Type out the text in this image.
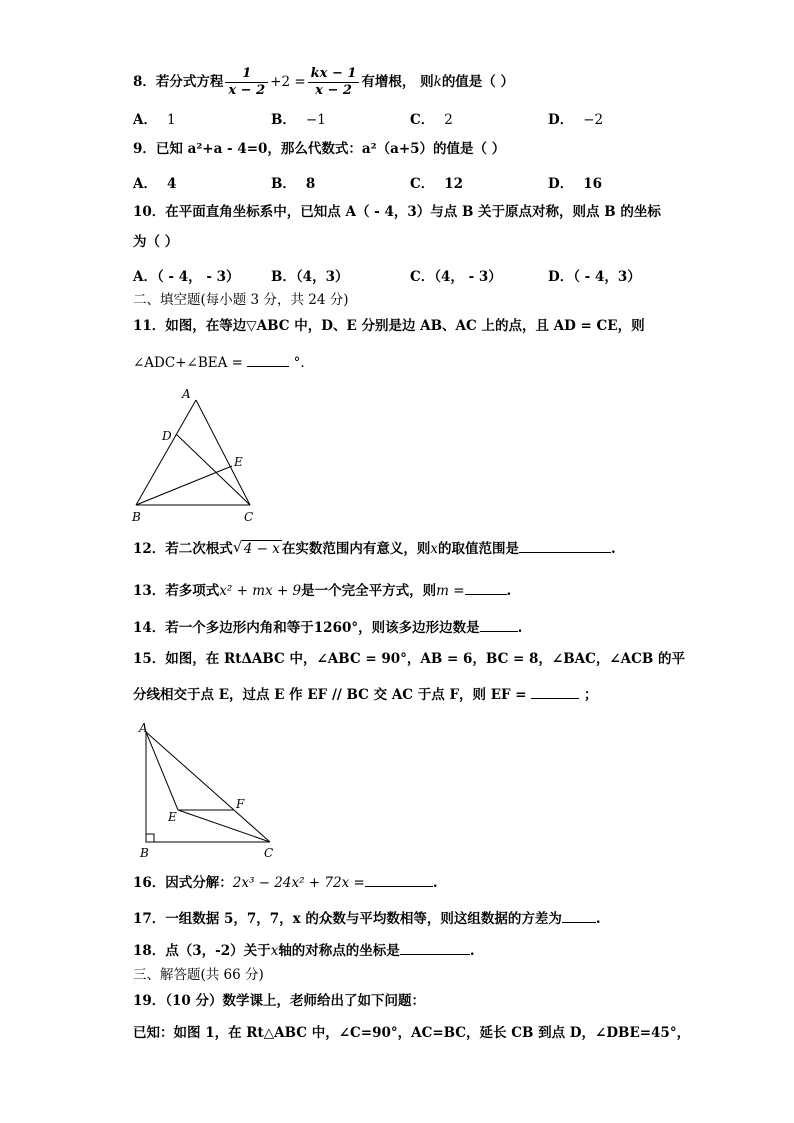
8．若分式方程 $\frac{1}{x - 2} +2 = \frac{kx - 1}{x - 2}$ 有增根， 则k的值是（ ）
A． 1	B． −1	C． 2	D． −2
9．已知 a²+a - 4=0，那么代数式：a²（a+5）的值是（ ）
A． 4	B． 8	C． 12	D． 16
10．在平面直角坐标系中，已知点 A（ - 4，3）与点 B 关于原点对称，则点 B 的坐标
为（ ）
A．（ - 4， - 3） B．（4，3）	C．（4， - 3）	D．（ - 4，3）
二、填空题(每小题 3 分，共 24 分)
11．如图，在等边▽ABC 中，D、E 分别是边 AB、AC 上的点，且 AD = CE，则
∠ADC+∠BEA =	°.
A
D
E
B	C
12．若二次根式 √ 4 − x 在实数范围内有意义，则x的取值范围是	.
13．若多项式x² + mx + 9是一个完全平方式，则m =	.
14．若一个多边形内角和等于1260°，则该多边形边数是	.
15．如图，在 RtΔABC 中，∠ABC = 90°，AB = 6，BC = 8，∠BAC，∠ACB 的平
分线相交于点 E，过点 E 作 EF // BC 交 AC 于点 F，则 EF =	；
A
E
F
B	C
16．因式分解：2x³ − 24x² + 72x =	.
17．一组数据 5，7，7，x 的众数与平均数相等，则这组数据的方差为	.
18．点（3，-2）关于x轴的对称点的坐标是	.
三、解答题(共 66 分)
19．（10 分）数学课上，老师给出了如下问题：
已知：如图 1，在 Rt△ABC 中，∠C=90°，AC=BC，延长 CB 到点 D，∠DBE=45°，
